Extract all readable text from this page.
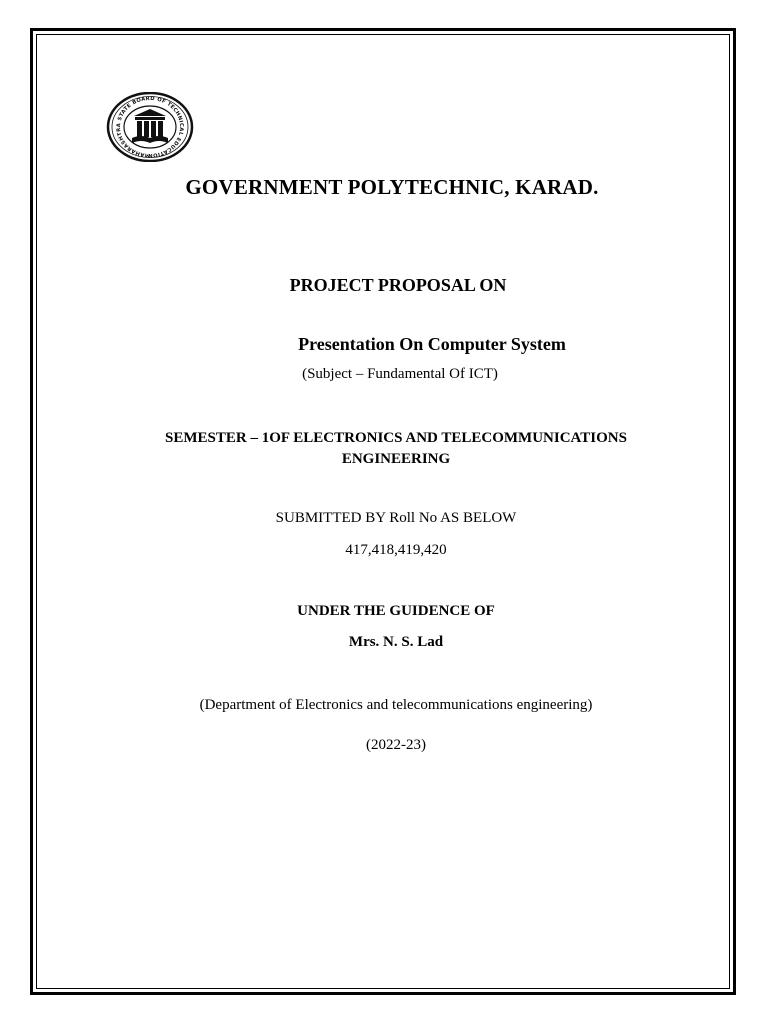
MAHARASHTRA STATE BOARD OF TECHNICAL EDUCATION
GOVERNMENT POLYTECHNIC, KARAD.
PROJECT PROPOSAL ON
Presentation On Computer System
(Subject – Fundamental Of ICT)
SEMESTER – 1OF ELECTRONICS AND TELECOMMUNICATIONS
ENGINEERING
SUBMITTED BY Roll No AS BELOW
417,418,419,420
UNDER THE GUIDENCE OF
Mrs. N. S. Lad
(Department of Electronics and telecommunications engineering)
(2022-23)
